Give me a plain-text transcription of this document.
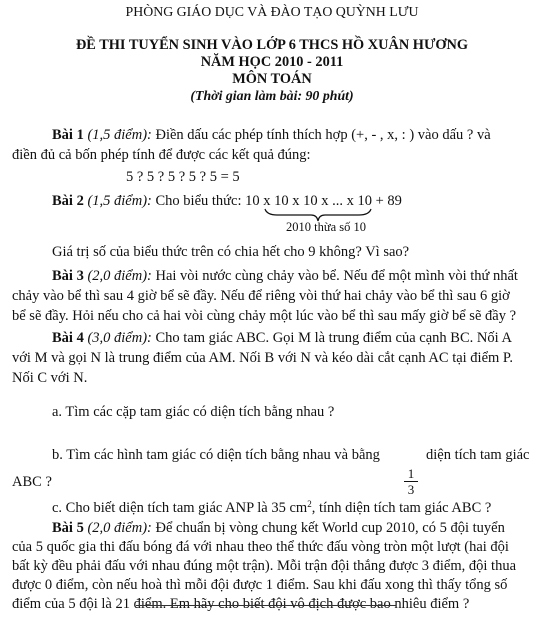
PHÒNG GIÁO DỤC VÀ ĐÀO TẠO QUỲNH LƯU
ĐỀ THI TUYỂN SINH VÀO LỚP 6 THCS HỒ XUÂN HƯƠNG
NĂM HỌC 2010 - 2011
MÔN TOÁN
(Thời gian làm bài: 90 phút)
Bài 1 (1,5 điểm): Điền dấu các phép tính thích hợp (+, - , x, : ) vào dấu ? và
điền đủ cả bốn phép tính để được các kết quả đúng:
5 ? 5 ? 5 ? 5 ? 5 = 5
Bài 2 (1,5 điểm): Cho biểu thức: 10 x 10 x 10 x ... x 10 + 89
2010 thừa số 10
Giá trị số của biểu thức trên có chia hết cho 9 không? Vì sao?
Bài 3 (2,0 điểm): Hai vòi nước cùng chảy vào bể. Nếu để một mình vòi thứ nhất
chảy vào bể thì sau 4 giờ bể sẽ đầy. Nếu để riêng vòi thứ hai chảy vào bể thì sau 6 giờ
bể sẽ đầy. Hỏi nếu cho cả hai vòi cùng chảy một lúc vào bể thì sau mấy giờ bể sẽ đầy ?
Bài 4 (3,0 điểm): Cho tam giác ABC. Gọi M là trung điểm của cạnh BC. Nối A
với M và gọi N là trung điểm của AM. Nối B với N và kéo dài cắt cạnh AC tại điểm P.
Nối C với N.
a. Tìm các cặp tam giác có diện tích bằng nhau ?
b. Tìm các hình tam giác có diện tích bằng nhau và bằng
$\frac{1}{3}$
diện tích tam giác
ABC ?
c. Cho biết diện tích tam giác ANP là 35 $cm^2$, tính diện tích tam giác ABC ?
Bài 5 (2,0 điểm): Để chuẩn bị vòng chung kết World cup 2010, có 5 đội tuyển
của 5 quốc gia thi đấu bóng đá với nhau theo thể thức đấu vòng tròn một lượt (hai đội
bất kỳ đều phải đấu với nhau đúng một trận). Mỗi trận đội thắng được 3 điểm, đội thua
được 0 điểm, còn nếu hoà thì mỗi đội được 1 điểm. Sau khi đấu xong thì thấy tổng số
điểm của 5 đội là 21 điểm. Em hãy cho biết đội vô địch được bao nhiêu điểm ?
